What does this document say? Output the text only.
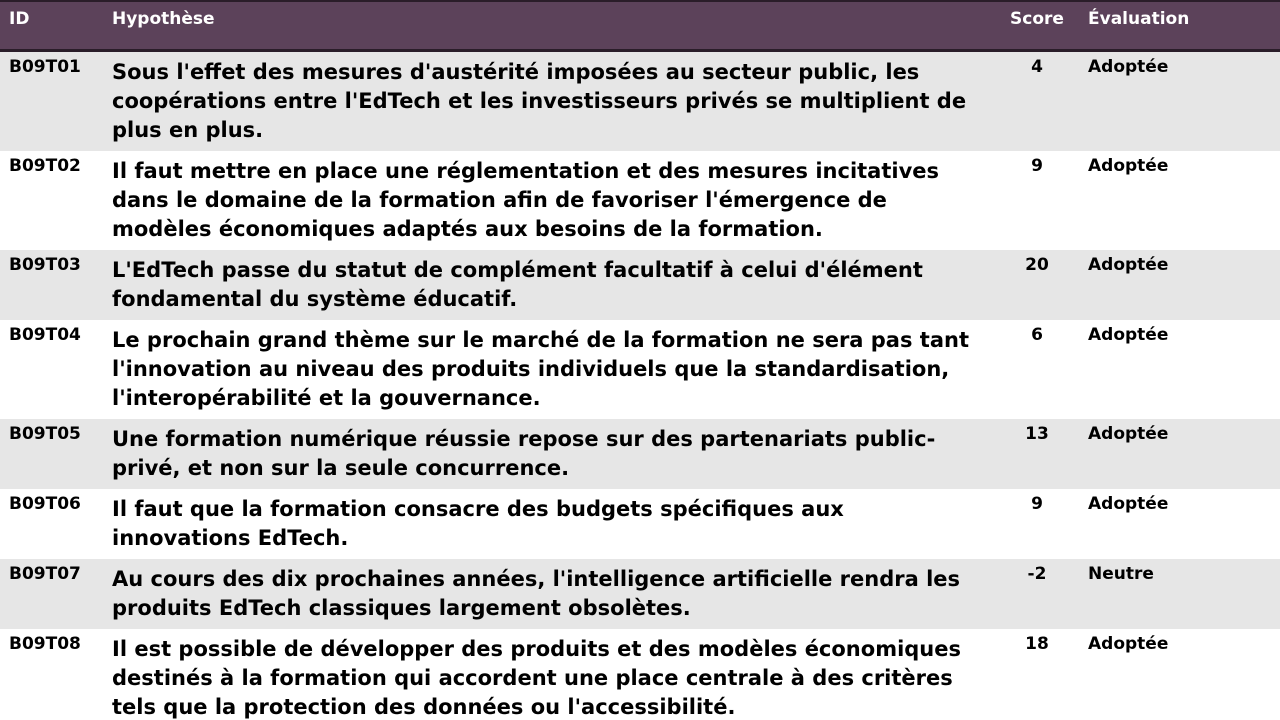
ID	Hypothèse	Score	Évaluation
B09T01	Sous l'effet des mesures d'austérité imposées au secteur public, les coopérations entre l'EdTech et les investisseurs privés se multiplient de plus en plus.	4	Adoptée
B09T02	Il faut mettre en place une réglementation et des mesures incitatives dans le domaine de la formation afin de favoriser l'émergence de modèles économiques adaptés aux besoins de la formation.	9	Adoptée
B09T03	L'EdTech passe du statut de complément facultatif à celui d'élément fondamental du système éducatif.	20	Adoptée
B09T04	Le prochain grand thème sur le marché de la formation ne sera pas tant l'innovation au niveau des produits individuels que la standardisation, l'interopérabilité et la gouvernance.	6	Adoptée
B09T05	Une formation numérique réussie repose sur des partenariats public-privé, et non sur la seule concurrence.	13	Adoptée
B09T06	Il faut que la formation consacre des budgets spécifiques aux innovations EdTech.	9	Adoptée
B09T07	Au cours des dix prochaines années, l'intelligence artificielle rendra les produits EdTech classiques largement obsolètes.	-2	Neutre
B09T08	Il est possible de développer des produits et des modèles économiques destinés à la formation qui accordent une place centrale à des critères tels que la protection des données ou l'accessibilité.	18	Adoptée
